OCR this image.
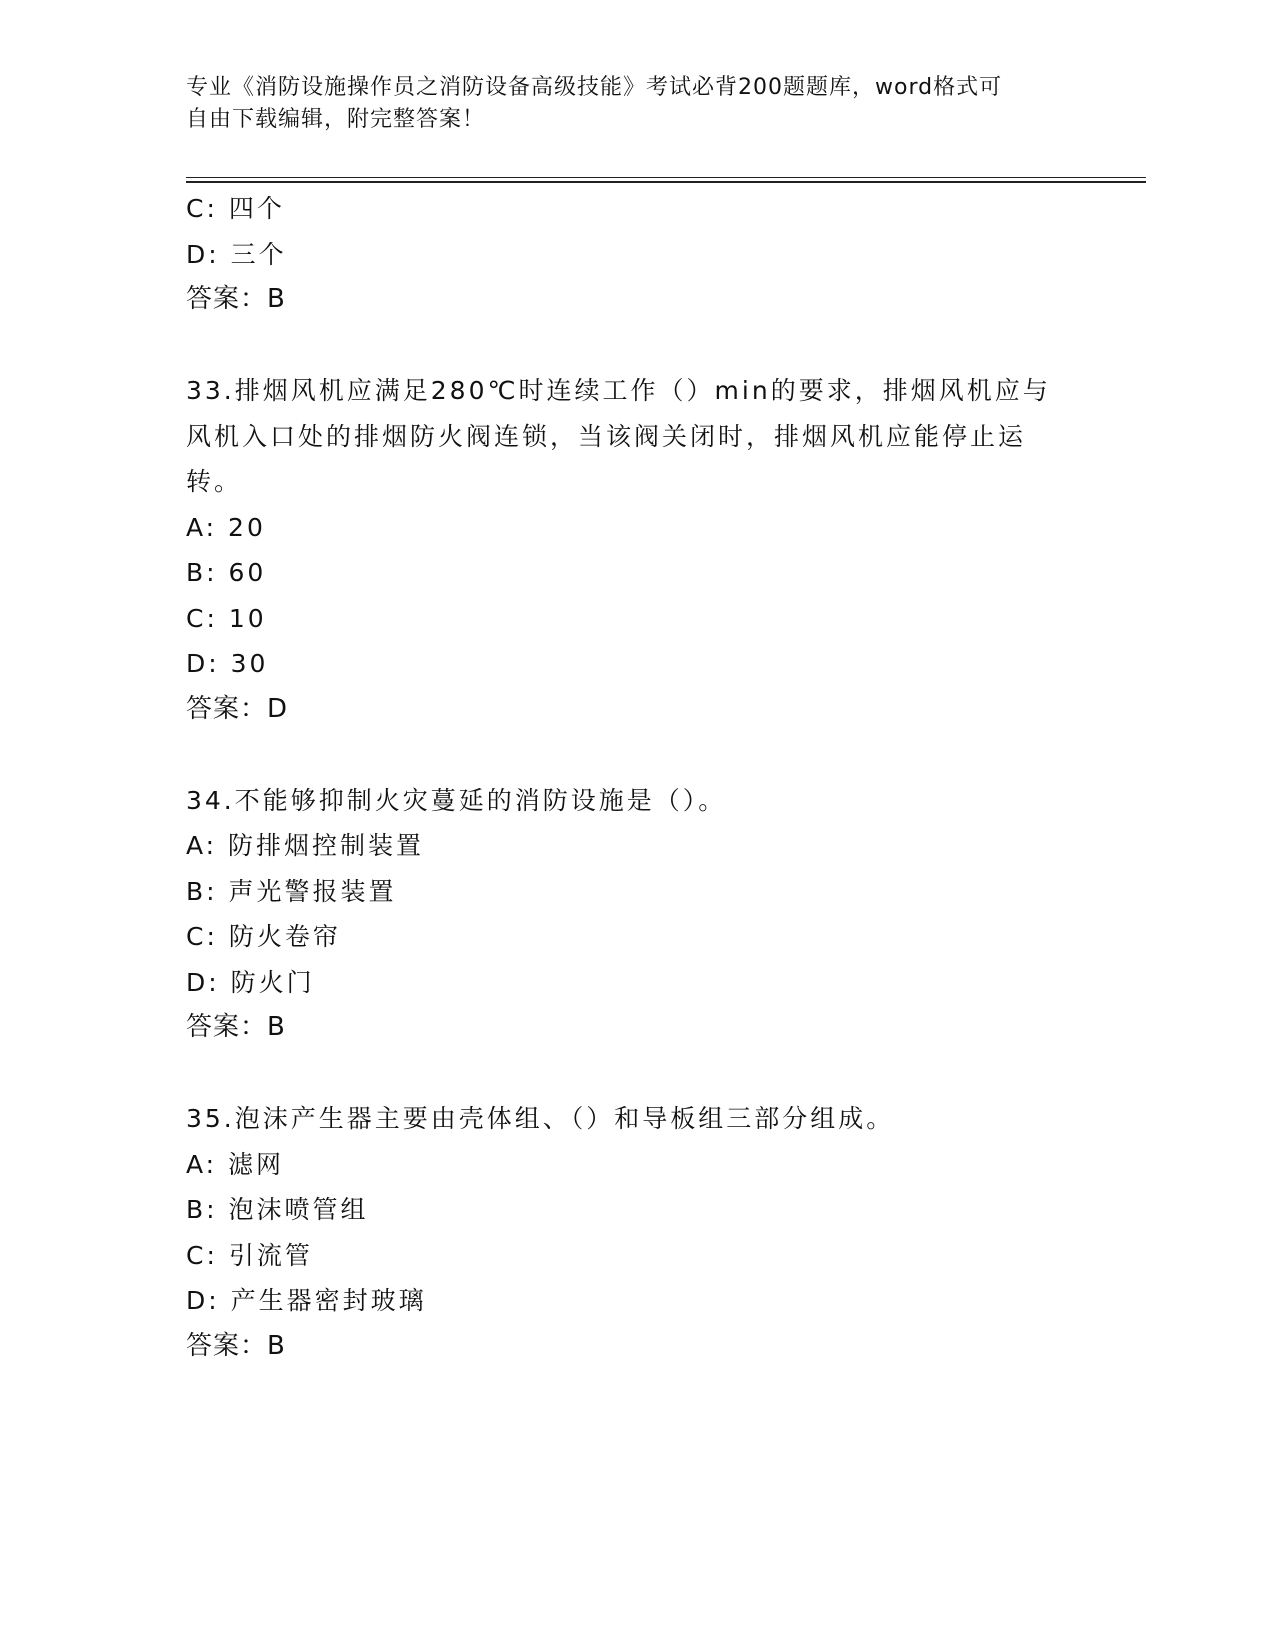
专业《消防设施操作员之消防设备高级技能》考试必背200题题库，word格式可
自由下载编辑，附完整答案！
C: 四个
D: 三个
答案：B
33.排烟风机应满足280℃时连续工作（）min的要求，排烟风机应与
风机入口处的排烟防火阀连锁，当该阀关闭时，排烟风机应能停止运
转。
A: 20
B: 60
C: 10
D: 30
答案：D
34.不能够抑制火灾蔓延的消防设施是（）。
A: 防排烟控制装置
B: 声光警报装置
C: 防火卷帘
D: 防火门
答案：B
35.泡沫产生器主要由壳体组、（）和导板组三部分组成。
A: 滤网
B: 泡沫喷管组
C: 引流管
D: 产生器密封玻璃
答案：B
